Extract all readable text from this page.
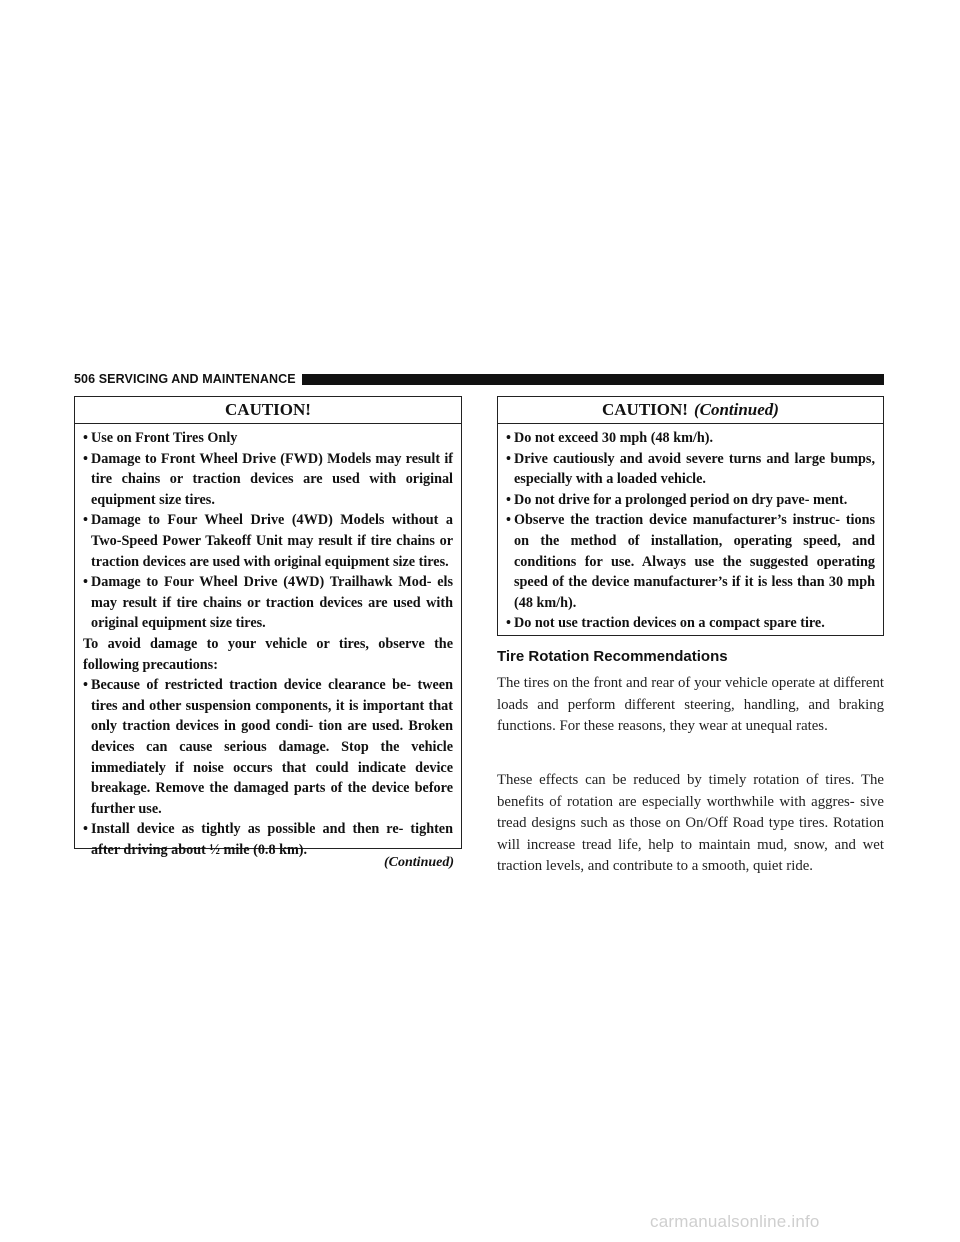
506 SERVICING AND MAINTENANCE
CAUTION!
• Use on Front Tires Only
• Damage to Front Wheel Drive (FWD) Models may result if tire chains or traction devices are used with original equipment size tires.
• Damage to Four Wheel Drive (4WD) Models without a Two-Speed Power Takeoff Unit may result if tire chains or traction devices are used with original equipment size tires.
• Damage to Four Wheel Drive (4WD) Trailhawk Mod- els may result if tire chains or traction devices are used with original equipment size tires.
To avoid damage to your vehicle or tires, observe the following precautions:
• Because of restricted traction device clearance be- tween tires and other suspension components, it is important that only traction devices in good condi- tion are used. Broken devices can cause serious damage. Stop the vehicle immediately if noise occurs that could indicate device breakage. Remove the damaged parts of the device before further use.
• Install device as tightly as possible and then re- tighten after driving about ½ mile (0.8 km).
(Continued)
CAUTION! (Continued)
• Do not exceed 30 mph (48 km/h).
• Drive cautiously and avoid severe turns and large bumps, especially with a loaded vehicle.
• Do not drive for a prolonged period on dry pave- ment.
• Observe the traction device manufacturer’s instruc- tions on the method of installation, operating speed, and conditions for use. Always use the suggested operating speed of the device manufacturer’s if it is less than 30 mph (48 km/h).
• Do not use traction devices on a compact spare tire.
Tire Rotation Recommendations
The tires on the front and rear of your vehicle operate at different loads and perform different steering, handling, and braking functions. For these reasons, they wear at unequal rates.
These effects can be reduced by timely rotation of tires. The benefits of rotation are especially worthwhile with aggres- sive tread designs such as those on On/Off Road type tires. Rotation will increase tread life, help to maintain mud, snow, and wet traction levels, and contribute to a smooth, quiet ride.
carmanualsonline.info
